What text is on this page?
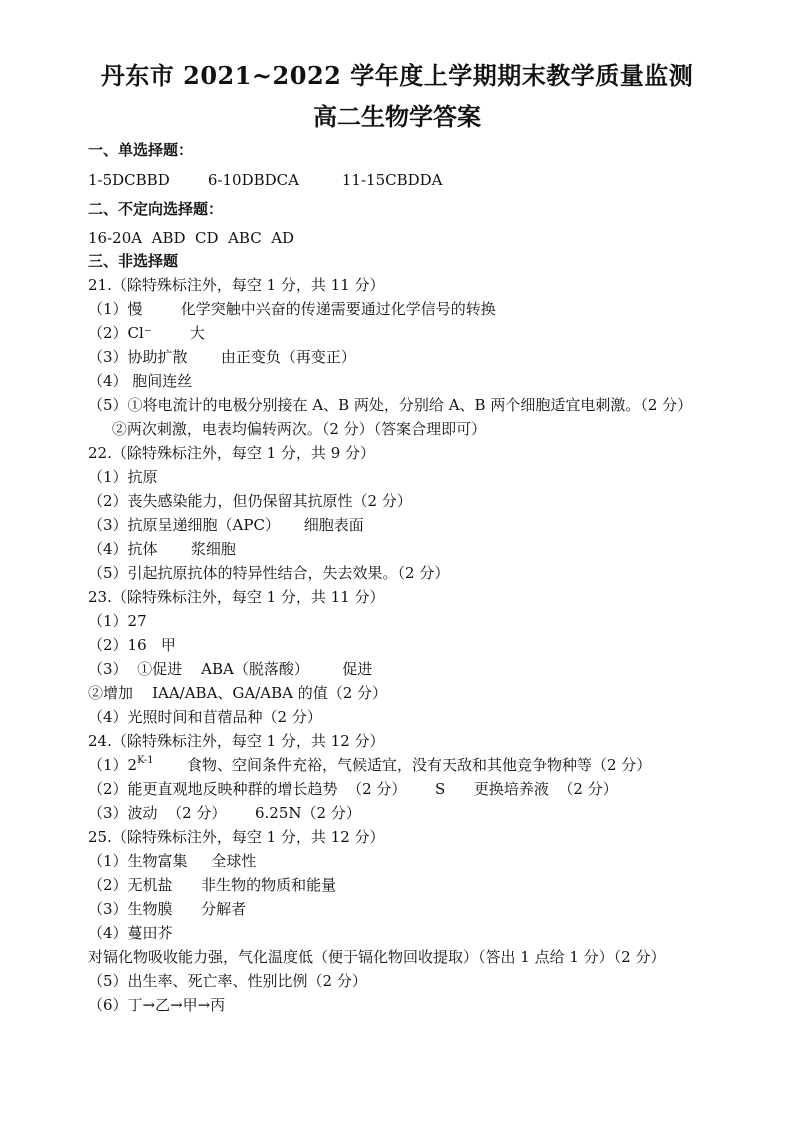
丹东市 2021~2022 学年度上学期期末教学质量监测
高二生物学答案
一、单选择题：
1-5DCBBD        6-10DBDCA         11-15CBDDA
二、不定向选择题：
16-20A  ABD  CD  ABC  AD
三、非选择题
21.（除特殊标注外，每空 1 分，共 11 分）
（1）慢        化学突触中兴奋的传递需要通过化学信号的转换
（2）Cl⁻        大
（3）协助扩散       由正变负（再变正）
（4） 胞间连丝
（5）①将电流计的电极分别接在 A、B 两处，分别给 A、B 两个细胞适宜电刺激。（2 分）
②两次刺激，电表均偏转两次。（2 分）（答案合理即可）
22.（除特殊标注外，每空 1 分，共 9 分）
（1）抗原
（2）丧失感染能力，但仍保留其抗原性（2 分）
（3）抗原呈递细胞（APC）     细胞表面
（4）抗体       浆细胞
（5）引起抗原抗体的特异性结合，失去效果。（2 分）
23.（除特殊标注外，每空 1 分，共 11 分）
（1）27
（2）16   甲
（3）  ①促进    ABA（脱落酸）       促进
②增加    IAA/ABA、GA/ABA 的值（2 分）
（4）光照时间和苜蓿品种（2 分）
24.（除特殊标注外，每空 1 分，共 12 分）
$(1)2^{K-1}$       食物、空间条件充裕，气候适宜，没有天敌和其他竞争物种等（2 分）
（2）能更直观地反映种群的增长趋势  （2 分）      S      更换培养液  （2 分）
（3）波动  （2 分）      6.25N（2 分）
25.（除特殊标注外，每空 1 分，共 12 分）
（1）生物富集     全球性
（2）无机盐      非生物的物质和能量
（3）生物膜      分解者
（4）蔓田芥
对镉化物吸收能力强，气化温度低（便于镉化物回收提取）（答出 1 点给 1 分）（2 分）
（5）出生率、死亡率、性别比例（2 分）
（6）丁→乙→甲→丙
